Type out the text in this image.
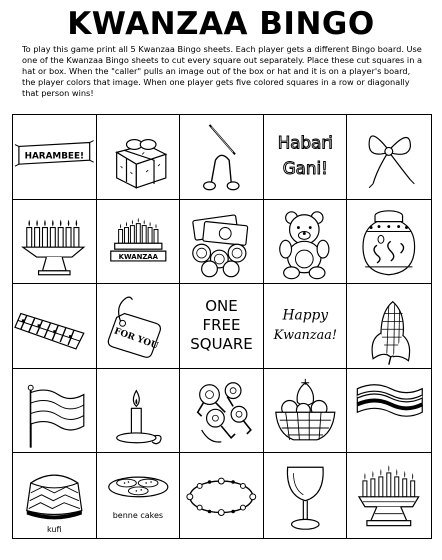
KWANZAA BINGO
To play this game print all 5 Kwanzaa Bingo sheets. Each player gets a different Bingo board. Use one of the Kwanzaa Bingo sheets to cut every square out separately. Place these cut squares in a hat or box. When the "caller" pulls an image out of the box or hat and it is on a player's board, the player colors that image. When one player gets five colored squares in a row or diagonally that person wins!
HARAMBEE!
Habari
Gani!
KWANZAA
FOR YOU
ONE
FREE
SQUARE
Happy
Kwanzaa!
kufi
benne cakes
